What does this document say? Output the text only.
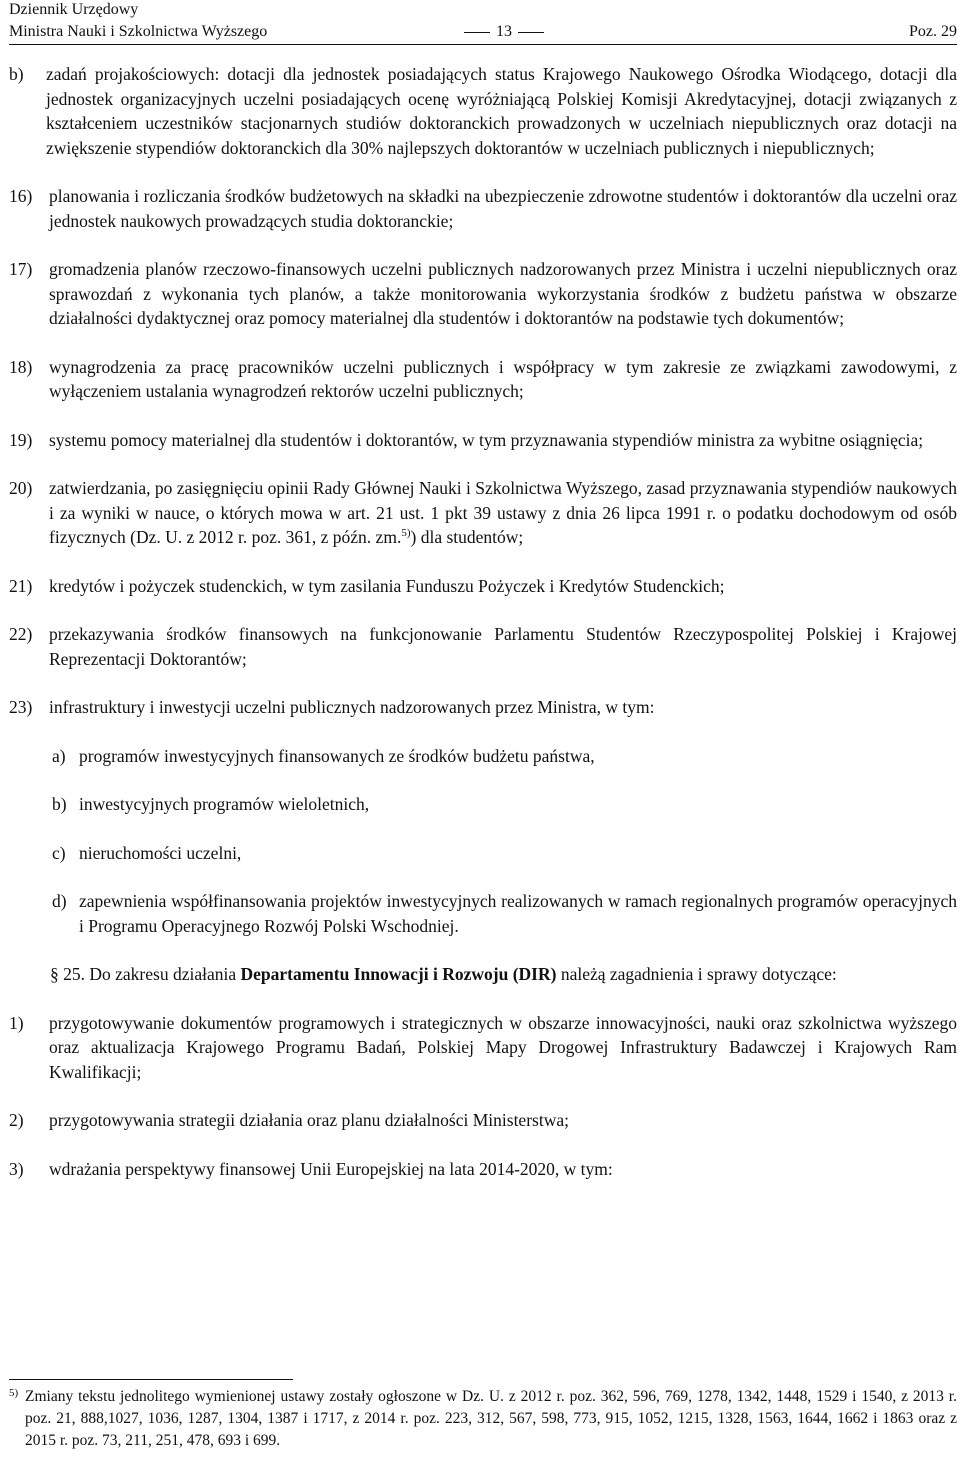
Dziennik Urzędowy
Ministra Nauki i Szkolnictwa Wyższego	13	Poz. 29
b) zadań projakościowych: dotacji dla jednostek posiadających status Krajowego Naukowego Ośrodka Wiodącego, dotacji dla jednostek organizacyjnych uczelni posiadających ocenę wyróżniającą Polskiej Komisji Akredytacyjnej, dotacji związanych z kształceniem uczestników stacjonarnych studiów doktoranckich prowadzonych w uczelniach niepublicznych oraz dotacji na zwiększenie stypendiów doktoranckich dla 30% najlepszych doktorantów w uczelniach publicznych i niepublicznych;
16) planowania i rozliczania środków budżetowych na składki na ubezpieczenie zdrowotne studentów i doktorantów dla uczelni oraz jednostek naukowych prowadzących studia doktoranckie;
17) gromadzenia planów rzeczowo-finansowych uczelni publicznych nadzorowanych przez Ministra i uczelni niepublicznych oraz sprawozdań z wykonania tych planów, a także monitorowania wykorzystania środków z budżetu państwa w obszarze działalności dydaktycznej oraz pomocy materialnej dla studentów i doktorantów na podstawie tych dokumentów;
18) wynagrodzenia za pracę pracowników uczelni publicznych i współpracy w tym zakresie ze związkami zawodowymi, z wyłączeniem ustalania wynagrodzeń rektorów uczelni publicznych;
19) systemu pomocy materialnej dla studentów i doktorantów, w tym przyznawania stypendiów ministra za wybitne osiągnięcia;
20) zatwierdzania, po zasięgnięciu opinii Rady Głównej Nauki i Szkolnictwa Wyższego, zasad przyznawania stypendiów naukowych i za wyniki w nauce, o których mowa w art. 21 ust. 1 pkt 39 ustawy z dnia 26 lipca 1991 r. o podatku dochodowym od osób fizycznych (Dz. U. z 2012 r. poz. 361, z późn. zm.$^{5)}$) dla studentów;
21) kredytów i pożyczek studenckich, w tym zasilania Funduszu Pożyczek i Kredytów Studenckich;
22) przekazywania środków finansowych na funkcjonowanie Parlamentu Studentów Rzeczypospolitej Polskiej i Krajowej Reprezentacji Doktorantów;
23) infrastruktury i inwestycji uczelni publicznych nadzorowanych przez Ministra, w tym:
a) programów inwestycyjnych finansowanych ze środków budżetu państwa,
b) inwestycyjnych programów wieloletnich,
c) nieruchomości uczelni,
d) zapewnienia współfinansowania projektów inwestycyjnych realizowanych w ramach regionalnych programów operacyjnych i Programu Operacyjnego Rozwój Polski Wschodniej.
§ 25. Do zakresu działania Departamentu Innowacji i Rozwoju (DIR) należą zagadnienia i sprawy dotyczące:
1) przygotowywanie dokumentów programowych i strategicznych w obszarze innowacyjności, nauki oraz szkolnictwa wyższego oraz aktualizacja Krajowego Programu Badań, Polskiej Mapy Drogowej Infrastruktury Badawczej i Krajowych Ram Kwalifikacji;
2) przygotowywania strategii działania oraz planu działalności Ministerstwa;
3) wdrażania perspektywy finansowej Unii Europejskiej na lata 2014-2020, w tym:
5) Zmiany tekstu jednolitego wymienionej ustawy zostały ogłoszone w Dz. U. z 2012 r. poz. 362, 596, 769, 1278, 1342, 1448, 1529 i 1540, z 2013 r. poz. 21, 888,1027, 1036, 1287, 1304, 1387 i 1717, z 2014 r. poz. 223, 312, 567, 598, 773, 915, 1052, 1215, 1328, 1563, 1644, 1662 i 1863 oraz z 2015 r. poz. 73, 211, 251, 478, 693 i 699.
